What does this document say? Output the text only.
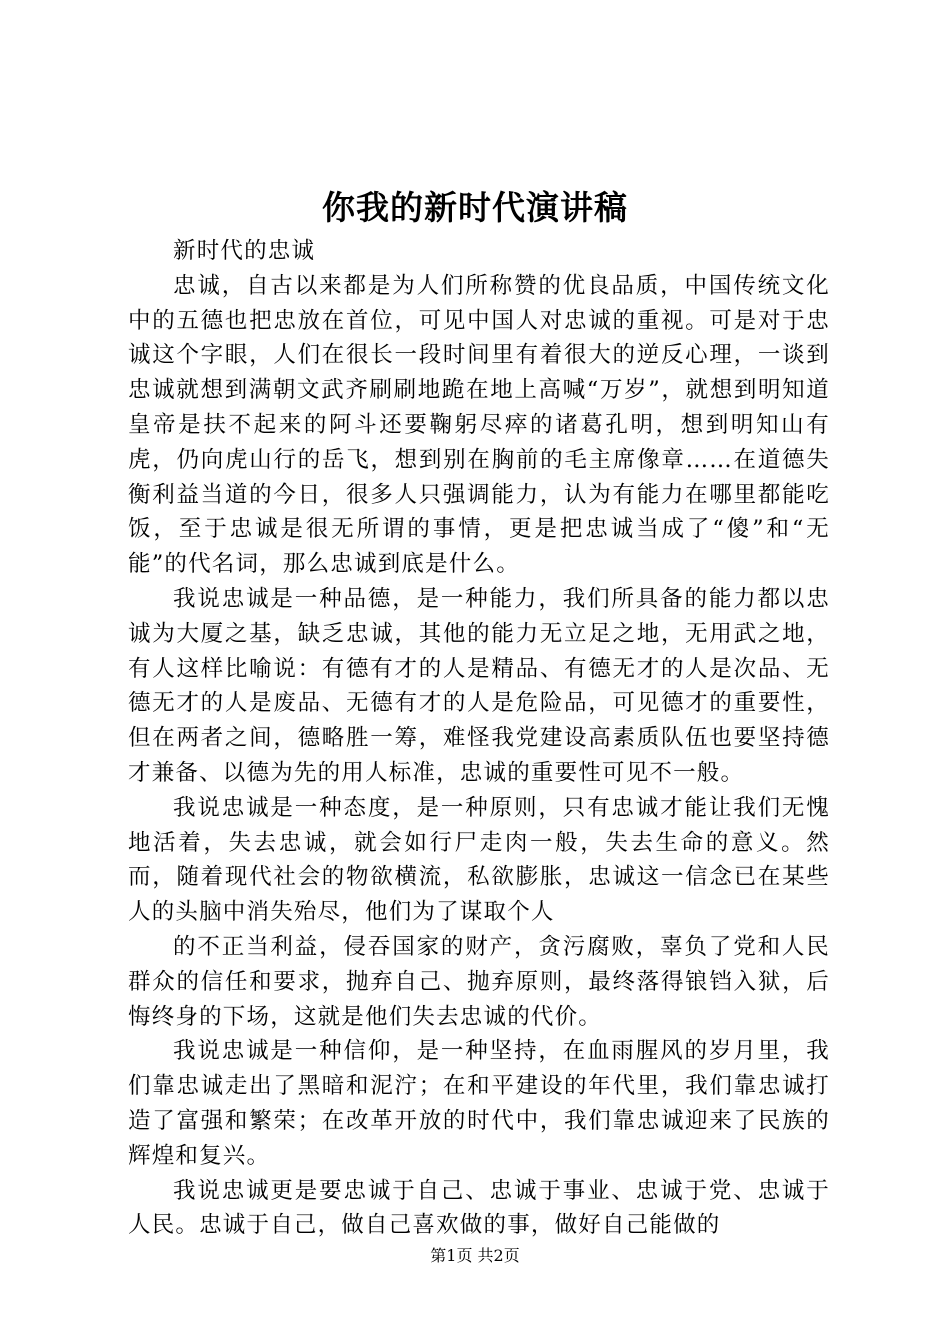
你我的新时代演讲稿

新时代的忠诚

忠诚，自古以来都是为人们所称赞的优良品质，中国传统文化中的五德也把忠放在首位，可见中国人对忠诚的重视。可是对于忠诚这个字眼，人们在很长一段时间里有着很大的逆反心理，一谈到忠诚就想到满朝文武齐刷刷地跪在地上高喊“万岁”，就想到明知道皇帝是扶不起来的阿斗还要鞠躬尽瘁的诸葛孔明，想到明知山有虎，仍向虎山行的岳飞，想到别在胸前的毛主席像章……在道德失衡利益当道的今日，很多人只强调能力，认为有能力在哪里都能吃饭，至于忠诚是很无所谓的事情，更是把忠诚当成了“傻”和“无能”的代名词，那么忠诚到底是什么。

我说忠诚是一种品德，是一种能力，我们所具备的能力都以忠诚为大厦之基，缺乏忠诚，其他的能力无立足之地，无用武之地，有人这样比喻说：有德有才的人是精品、有德无才的人是次品、无德无才的人是废品、无德有才的人是危险品，可见德才的重要性，但在两者之间，德略胜一筹，难怪我党建设高素质队伍也要坚持德才兼备、以德为先的用人标准，忠诚的重要性可见不一般。

我说忠诚是一种态度，是一种原则，只有忠诚才能让我们无愧地活着，失去忠诚，就会如行尸走肉一般，失去生命的意义。然而，随着现代社会的物欲横流，私欲膨胀，忠诚这一信念已在某些人的头脑中消失殆尽，他们为了谋取个人

的不正当利益，侵吞国家的财产，贪污腐败，辜负了党和人民群众的信任和要求，抛弃自己、抛弃原则，最终落得锒铛入狱，后悔终身的下场，这就是他们失去忠诚的代价。

我说忠诚是一种信仰，是一种坚持，在血雨腥风的岁月里，我们靠忠诚走出了黑暗和泥泞；在和平建设的年代里，我们靠忠诚打造了富强和繁荣；在改革开放的时代中，我们靠忠诚迎来了民族的辉煌和复兴。

我说忠诚更是要忠诚于自己、忠诚于事业、忠诚于党、忠诚于人民。忠诚于自己，做自己喜欢做的事，做好自己能做的

第1页 共2页
